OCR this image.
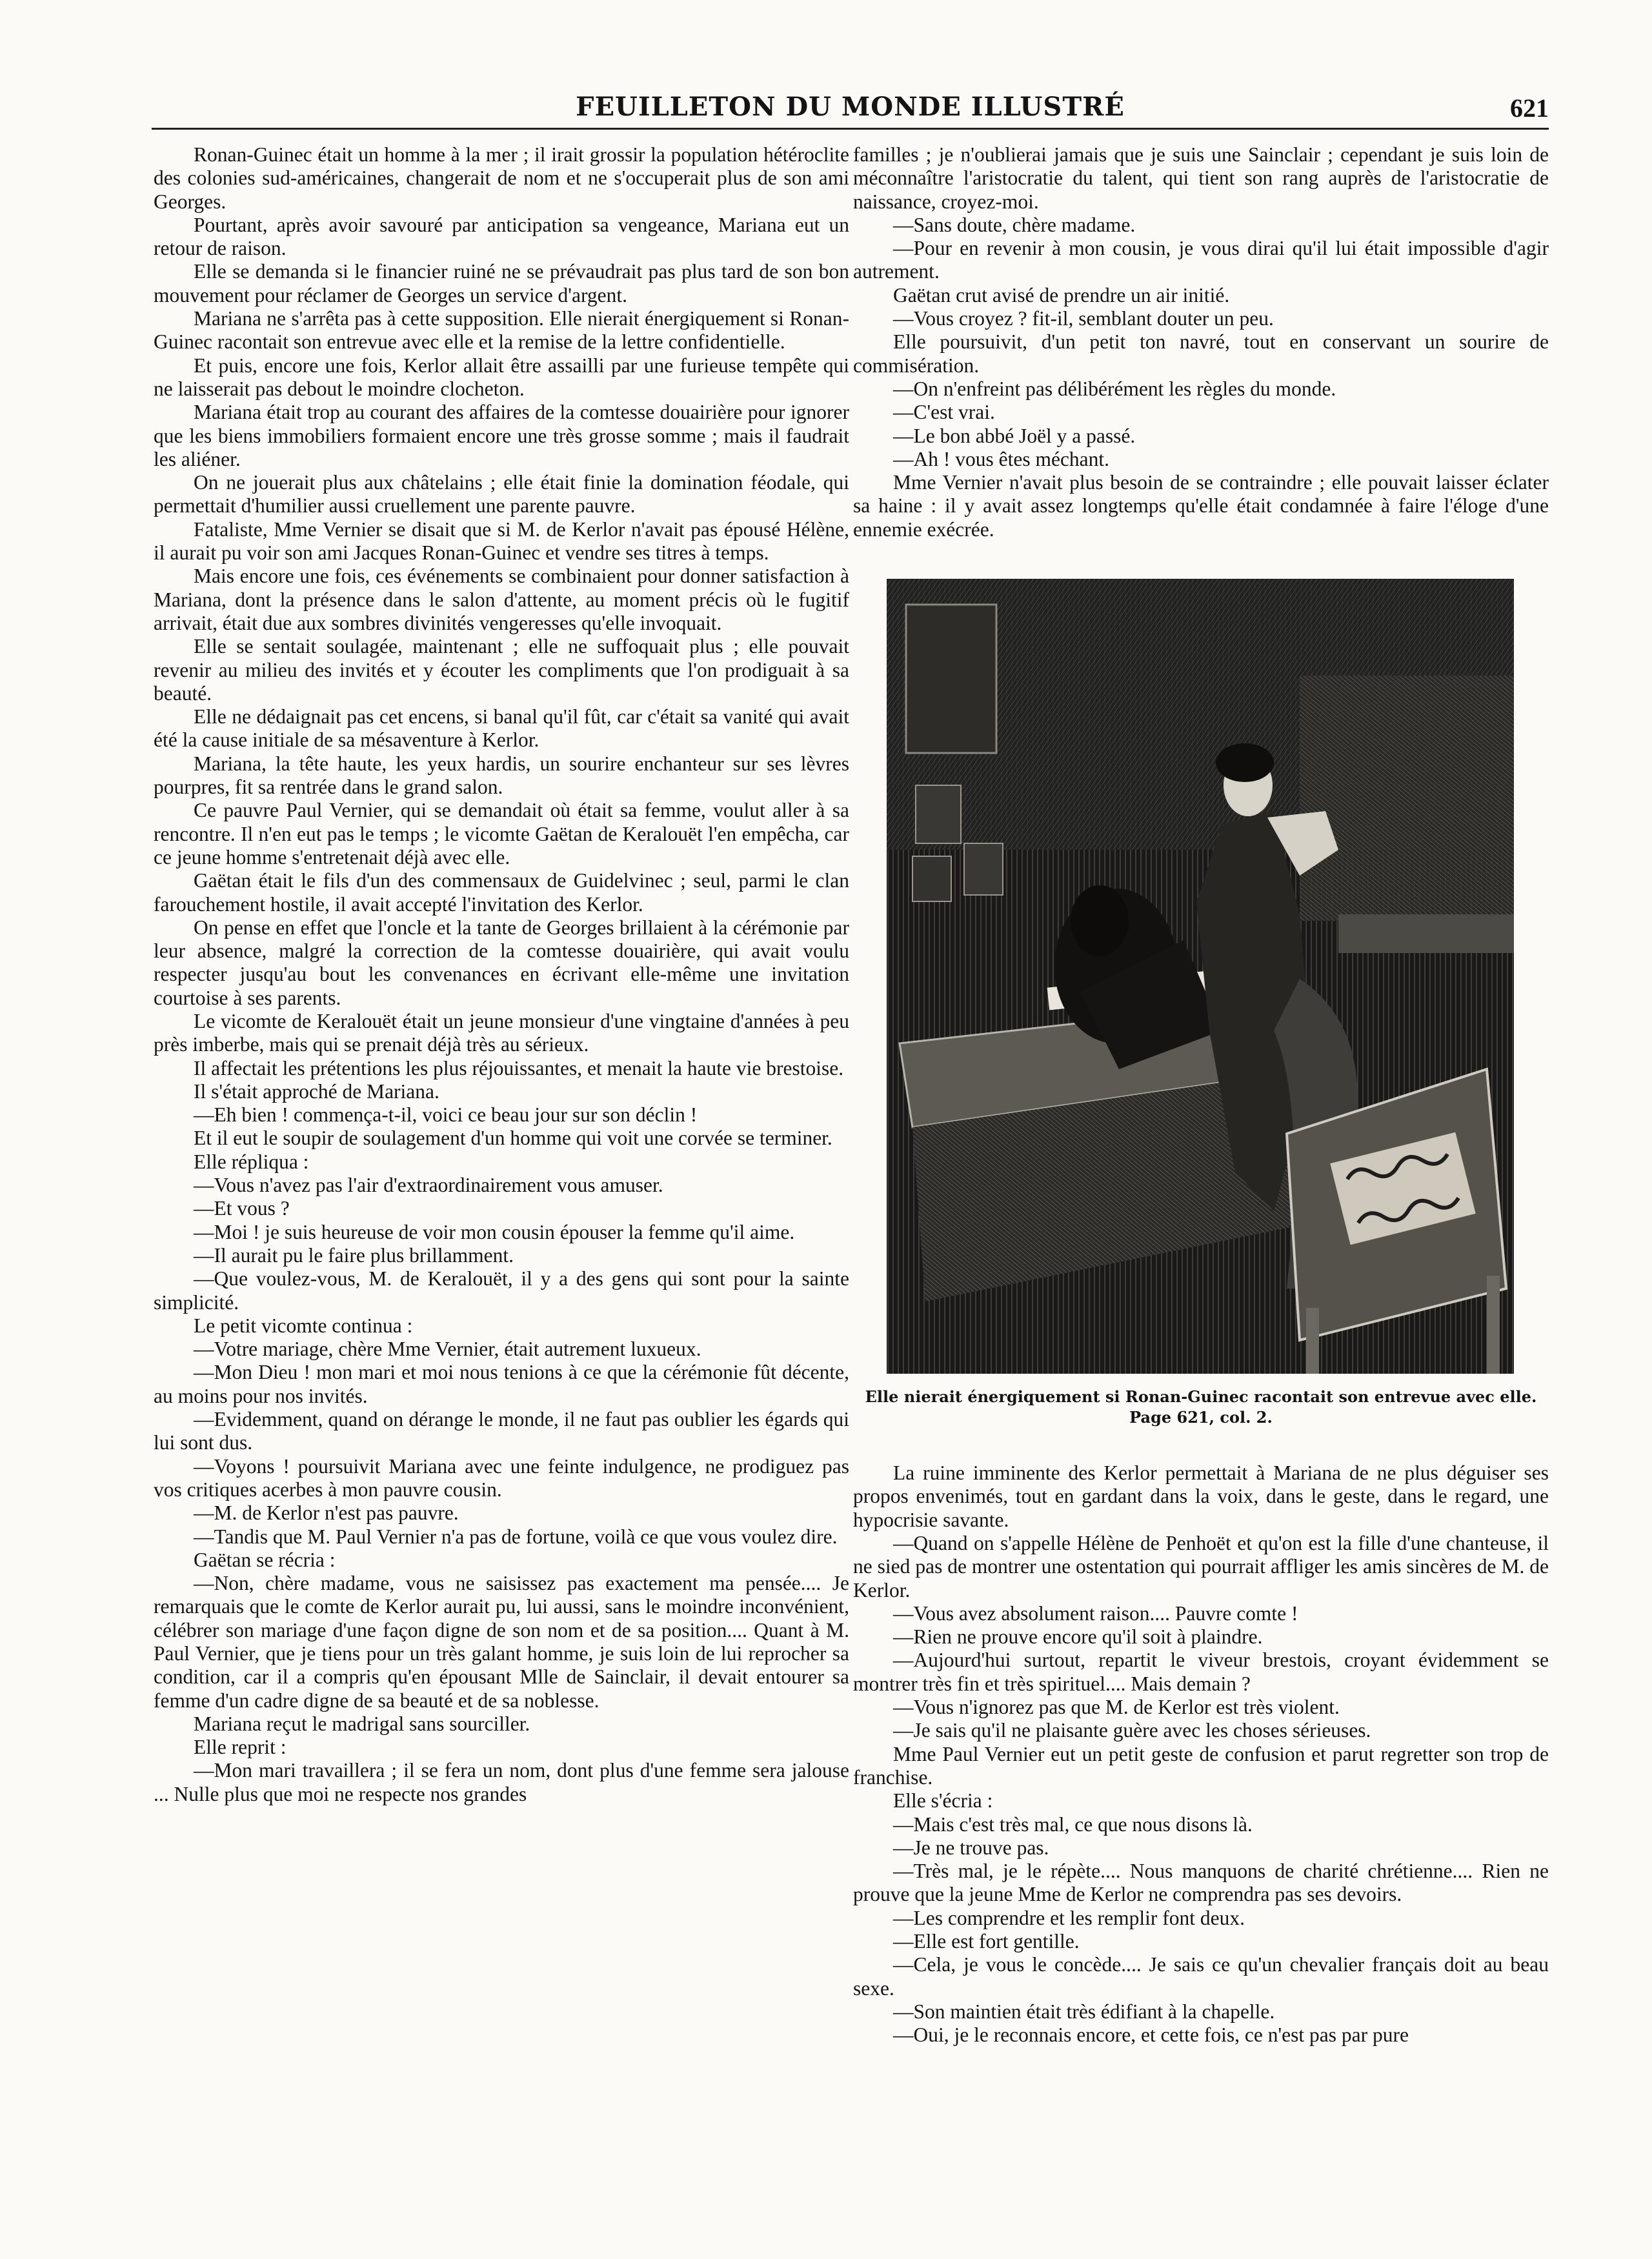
FEUILLETON DU MONDE ILLUSTRÉ	621

Ronan-Guinec était un homme à la mer ; il irait grossir la population hétéroclite des colonies sud-américaines, changerait de nom et ne s'occuperait plus de son ami Georges.

Pourtant, après avoir savouré par anticipation sa vengeance, Mariana eut un retour de raison.

Elle se demanda si le financier ruiné ne se prévaudrait pas plus tard de son bon mouvement pour réclamer de Georges un service d'argent.

Mariana ne s'arrêta pas à cette supposition. Elle nierait énergiquement si Ronan-Guinec racontait son entrevue avec elle et la remise de la lettre confidentielle.

Et puis, encore une fois, Kerlor allait être assailli par une furieuse tempête qui ne laisserait pas debout le moindre clocheton.

Mariana était trop au courant des affaires de la comtesse douairière pour ignorer que les biens immobiliers formaient encore une très grosse somme ; mais il faudrait les aliéner.

On ne jouerait plus aux châtelains ; elle était finie la domination féodale, qui permettait d'humilier aussi cruellement une parente pauvre.

Fataliste, Mme Vernier se disait que si M. de Kerlor n'avait pas épousé Hélène, il aurait pu voir son ami Jacques Ronan-Guinec et vendre ses titres à temps.

Mais encore une fois, ces événements se combinaient pour donner satisfaction à Mariana, dont la présence dans le salon d'attente, au moment précis où le fugitif arrivait, était due aux sombres divinités vengeresses qu'elle invoquait.

Elle se sentait soulagée, maintenant ; elle ne suffoquait plus ; elle pouvait revenir au milieu des invités et y écouter les compliments que l'on prodiguait à sa beauté.

Elle ne dédaignait pas cet encens, si banal qu'il fût, car c'était sa vanité qui avait été la cause initiale de sa mésaventure à Kerlor.

Mariana, la tête haute, les yeux hardis, un sourire enchanteur sur ses lèvres pourpres, fit sa rentrée dans le grand salon.

Ce pauvre Paul Vernier, qui se demandait où était sa femme, voulut aller à sa rencontre. Il n'en eut pas le temps ; le vicomte Gaëtan de Keralouët l'en empêcha, car ce jeune homme s'entretenait déjà avec elle.

Gaëtan était le fils d'un des commensaux de Guidelvinec ; seul, parmi le clan farouchement hostile, il avait accepté l'invitation des Kerlor.

On pense en effet que l'oncle et la tante de Georges brillaient à la cérémonie par leur absence, malgré la correction de la comtesse douairière, qui avait voulu respecter jusqu'au bout les convenances en écrivant elle-même une invitation courtoise à ses parents.

Le vicomte de Keralouët était un jeune monsieur d'une vingtaine d'années à peu près imberbe, mais qui se prenait déjà très au sérieux.

Il affectait les prétentions les plus réjouissantes, et menait la haute vie brestoise.

Il s'était approché de Mariana.

—Eh bien ! commença-t-il, voici ce beau jour sur son déclin !

Et il eut le soupir de soulagement d'un homme qui voit une corvée se terminer.

Elle répliqua :

—Vous n'avez pas l'air d'extraordinairement vous amuser.

—Et vous ?

—Moi ! je suis heureuse de voir mon cousin épouser la femme qu'il aime.

—Il aurait pu le faire plus brillamment.

—Que voulez-vous, M. de Keralouët, il y a des gens qui sont pour la sainte simplicité.

Le petit vicomte continua :

—Votre mariage, chère Mme Vernier, était autrement luxueux.

—Mon Dieu ! mon mari et moi nous tenions à ce que la cérémonie fût décente, au moins pour nos invités.

—Evidemment, quand on dérange le monde, il ne faut pas oublier les égards qui lui sont dus.

—Voyons ! poursuivit Mariana avec une feinte indulgence, ne prodiguez pas vos critiques acerbes à mon pauvre cousin.

—M. de Kerlor n'est pas pauvre.

—Tandis que M. Paul Vernier n'a pas de fortune, voilà ce que vous voulez dire.

Gaëtan se récria :

—Non, chère madame, vous ne saisissez pas exactement ma pensée.... Je remarquais que le comte de Kerlor aurait pu, lui aussi, sans le moindre inconvénient, célébrer son mariage d'une façon digne de son nom et de sa position.... Quant à M. Paul Vernier, que je tiens pour un très galant homme, je suis loin de lui reprocher sa condition, car il a compris qu'en épousant Mlle de Sainclair, il devait entourer sa femme d'un cadre digne de sa beauté et de sa noblesse.

Mariana reçut le madrigal sans sourciller.

Elle reprit :

—Mon mari travaillera ; il se fera un nom, dont plus d'une femme sera jalouse ... Nulle plus que moi ne respecte nos grandes

familles ; je n'oublierai jamais que je suis une Sainclair ; cependant je suis loin de méconnaître l'aristocratie du talent, qui tient son rang auprès de l'aristocratie de naissance, croyez-moi.

—Sans doute, chère madame.

—Pour en revenir à mon cousin, je vous dirai qu'il lui était impossible d'agir autrement.

Gaëtan crut avisé de prendre un air initié.

—Vous croyez ? fit-il, semblant douter un peu.

Elle poursuivit, d'un petit ton navré, tout en conservant un sourire de commisération.

—On n'enfreint pas délibérément les règles du monde.

—C'est vrai.

—Le bon abbé Joël y a passé.

—Ah ! vous êtes méchant.

Mme Vernier n'avait plus besoin de se contraindre ; elle pouvait laisser éclater sa haine : il y avait assez longtemps qu'elle était condamnée à faire l'éloge d'une ennemie exécrée.

Elle nierait énergiquement si Ronan-Guinec racontait son entrevue avec elle.
Page 621, col. 2.

La ruine imminente des Kerlor permettait à Mariana de ne plus déguiser ses propos envenimés, tout en gardant dans la voix, dans le geste, dans le regard, une hypocrisie savante.

—Quand on s'appelle Hélène de Penhoët et qu'on est la fille d'une chanteuse, il ne sied pas de montrer une ostentation qui pourrait affliger les amis sincères de M. de Kerlor.

—Vous avez absolument raison.... Pauvre comte !

—Rien ne prouve encore qu'il soit à plaindre.

—Aujourd'hui surtout, repartit le viveur brestois, croyant évidemment se montrer très fin et très spirituel.... Mais demain ?

—Vous n'ignorez pas que M. de Kerlor est très violent.

—Je sais qu'il ne plaisante guère avec les choses sérieuses.

Mme Paul Vernier eut un petit geste de confusion et parut regretter son trop de franchise.

Elle s'écria :

—Mais c'est très mal, ce que nous disons là.

—Je ne trouve pas.

—Très mal, je le répète.... Nous manquons de charité chrétienne.... Rien ne prouve que la jeune Mme de Kerlor ne comprendra pas ses devoirs.

—Les comprendre et les remplir font deux.

—Elle est fort gentille.

—Cela, je vous le concède.... Je sais ce qu'un chevalier français doit au beau sexe.

—Son maintien était très édifiant à la chapelle.

—Oui, je le reconnais encore, et cette fois, ce n'est pas par pure
